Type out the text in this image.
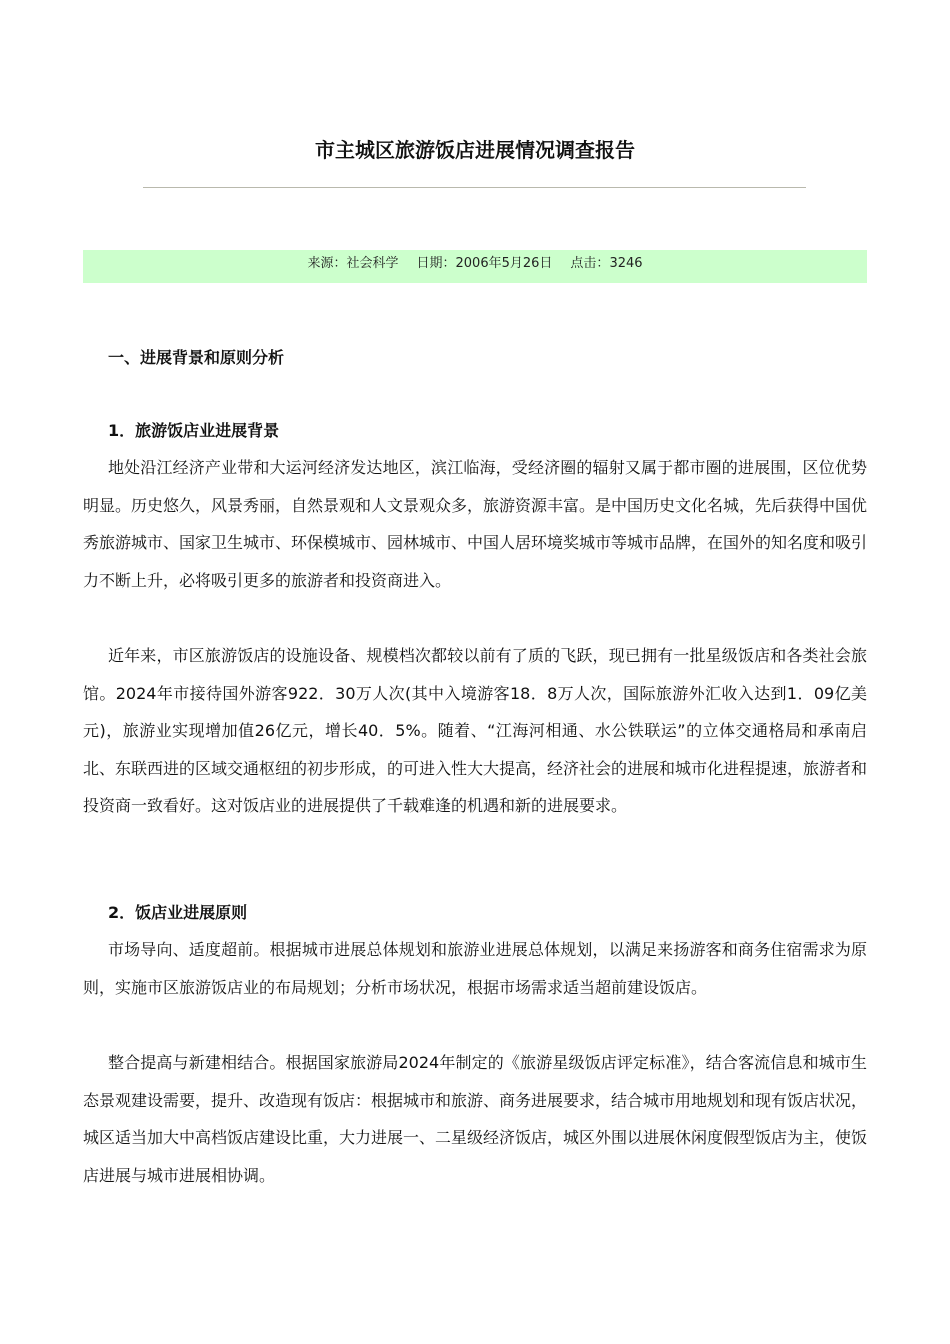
市主城区旅游饭店进展情况调查报告
来源：社会科学 日期：2006年5月26日 点击：3246
一、进展背景和原则分析
1．旅游饭店业进展背景

地处沿江经济产业带和大运河经济发达地区，滨江临海，受经济圈的辐射又属于都市圈的进展围，区位优势明显。历史悠久，风景秀丽，自然景观和人文景观众多，旅游资源丰富。是中国历史文化名城，先后获得中国优秀旅游城市、国家卫生城市、环保模城市、园林城市、中国人居环境奖城市等城市品牌，在国外的知名度和吸引力不断上升，必将吸引更多的旅游者和投资商进入。

近年来，市区旅游饭店的设施设备、规模档次都较以前有了质的飞跃，现已拥有一批星级饭店和各类社会旅馆。2024年市接待国外游客922．30万人次(其中入境游客18．8万人次，国际旅游外汇收入达到1．09亿美元)，旅游业实现增加值26亿元，增长40．5%。随着、“江海河相通、水公铁联运”的立体交通格局和承南启北、东联西进的区域交通枢纽的初步形成，的可进入性大大提高，经济社会的进展和城市化进程提速，旅游者和投资商一致看好。这对饭店业的进展提供了千载难逢的机遇和新的进展要求。

2．饭店业进展原则

市场导向、适度超前。根据城市进展总体规划和旅游业进展总体规划，以满足来扬游客和商务住宿需求为原则，实施市区旅游饭店业的布局规划；分析市场状况，根据市场需求适当超前建设饭店。

整合提高与新建相结合。根据国家旅游局2024年制定的《旅游星级饭店评定标准》，结合客流信息和城市生态景观建设需要，提升、改造现有饭店：根据城市和旅游、商务进展要求，结合城市用地规划和现有饭店状况，城区适当加大中高档饭店建设比重，大力进展一、二星级经济饭店，城区外围以进展休闲度假型饭店为主，使饭店进展与城市进展相协调。
